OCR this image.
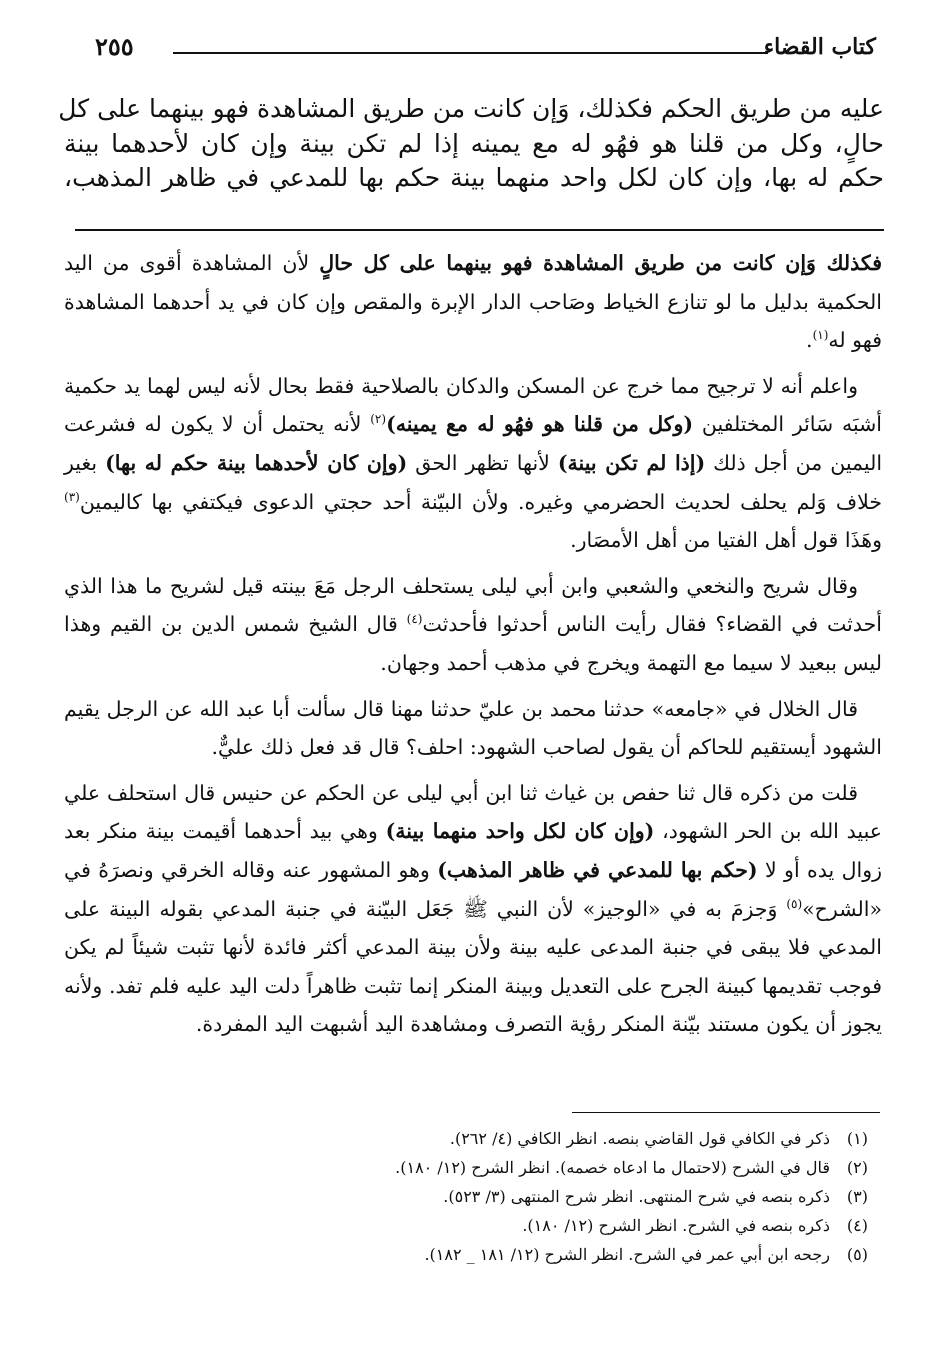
كتاب القضاء
٢٥٥
عليه من طريق الحكم فكذلك، وَإن كانت من طريق المشاهدة فهو بينهما على كل
حالٍ، وكل من قلنا هو فهُو له مع يمينه إذا لم تكن بينة وإن كان لأحدهما بينة
حكم له بها، وإن كان لكل واحد منهما بينة حكم بها للمدعي في ظاهر المذهب،

فكذلك وَإن كانت من طريق المشاهدة فهو بينهما على كل حالٍ لأن المشاهدة أقوى من اليد الحكمية بدليل ما لو تنازع الخياط وصَاحب الدار الإبرة والمقص وإن كان في يد أحدهما المشاهدة فهو له$^{(١)}$.

واعلم أنه لا ترجيح مما خرج عن المسكن والدكان بالصلاحية فقط بحال لأنه ليس لهما يد حكمية أشبَه سَائر المختلفين (وكل من قلنا هو فهُو له مع يمينه)$^{(٢)}$ لأنه يحتمل أن لا يكون له فشرعت اليمين من أجل ذلك (إذا لم تكن بينة) لأنها تظهر الحق (وإن كان لأحدهما بينة حكم له بها) بغير خلاف وَلم يحلف لحديث الحضرمي وغيره. ولأن البيّنة أحد حجتي الدعوى فيكتفي بها كاليمين$^{(٣)}$ وهَذَا قول أهل الفتيا من أهل الأمصَار.

وقال شريح والنخعي والشعبي وابن أبي ليلى يستحلف الرجل مَعَ بينته قيل لشريح ما هذا الذي أحدثت في القضاء؟ فقال رأيت الناس أحدثوا فأحدثت$^{(٤)}$ قال الشيخ شمس الدين بن القيم وهذا ليس ببعيد لا سيما مع التهمة ويخرج في مذهب أحمد وجهان.

قال الخلال في «جامعه» حدثنا محمد بن عليّ حدثنا مهنا قال سألت أبا عبد الله عن الرجل يقيم الشهود أيستقيم للحاكم أن يقول لصاحب الشهود: احلف؟ قال قد فعل ذلك عليٌّ.

قلت من ذكره قال ثنا حفص بن غياث ثنا ابن أبي ليلى عن الحكم عن حنيس قال استحلف علي عبيد الله بن الحر الشهود، (وإن كان لكل واحد منهما بينة) وهي بيد أحدهما أقيمت بينة منكر بعد زوال يده أو لا (حكم بها للمدعي في ظاهر المذهب) وهو المشهور عنه وقاله الخرقي ونصرَهُ في «الشرح»$^{(٥)}$ وَجزمَ به في «الوجيز» لأن النبي ﷺ جَعَل البيّنة في جنبة المدعي بقوله البينة على المدعي فلا يبقى في جنبة المدعى عليه بينة ولأن بينة المدعي أكثر فائدة لأنها تثبت شيئاً لم يكن فوجب تقديمها كبينة الجرح على التعديل وبينة المنكر إنما تثبت ظاهراً دلت اليد عليه فلم تفد. ولأنه يجوز أن يكون مستند بيّنة المنكر رؤية التصرف ومشاهدة اليد أشبهت اليد المفردة.

(١)ذكر في الكافي قول القاضي بنصه. انظر الكافي (٤/ ٢٦٢).
(٢)قال في الشرح (لاحتمال ما ادعاه خصمه). انظر الشرح (١٢/ ١٨٠).
(٣)ذكره بنصه في شرح المنتهى. انظر شرح المنتهى (٣/ ٥٢٣).
(٤)ذكره بنصه في الشرح. انظر الشرح (١٢/ ١٨٠).
(٥)رجحه ابن أبي عمر في الشرح. انظر الشرح (١٢/ ١٨١ _ ١٨٢).
